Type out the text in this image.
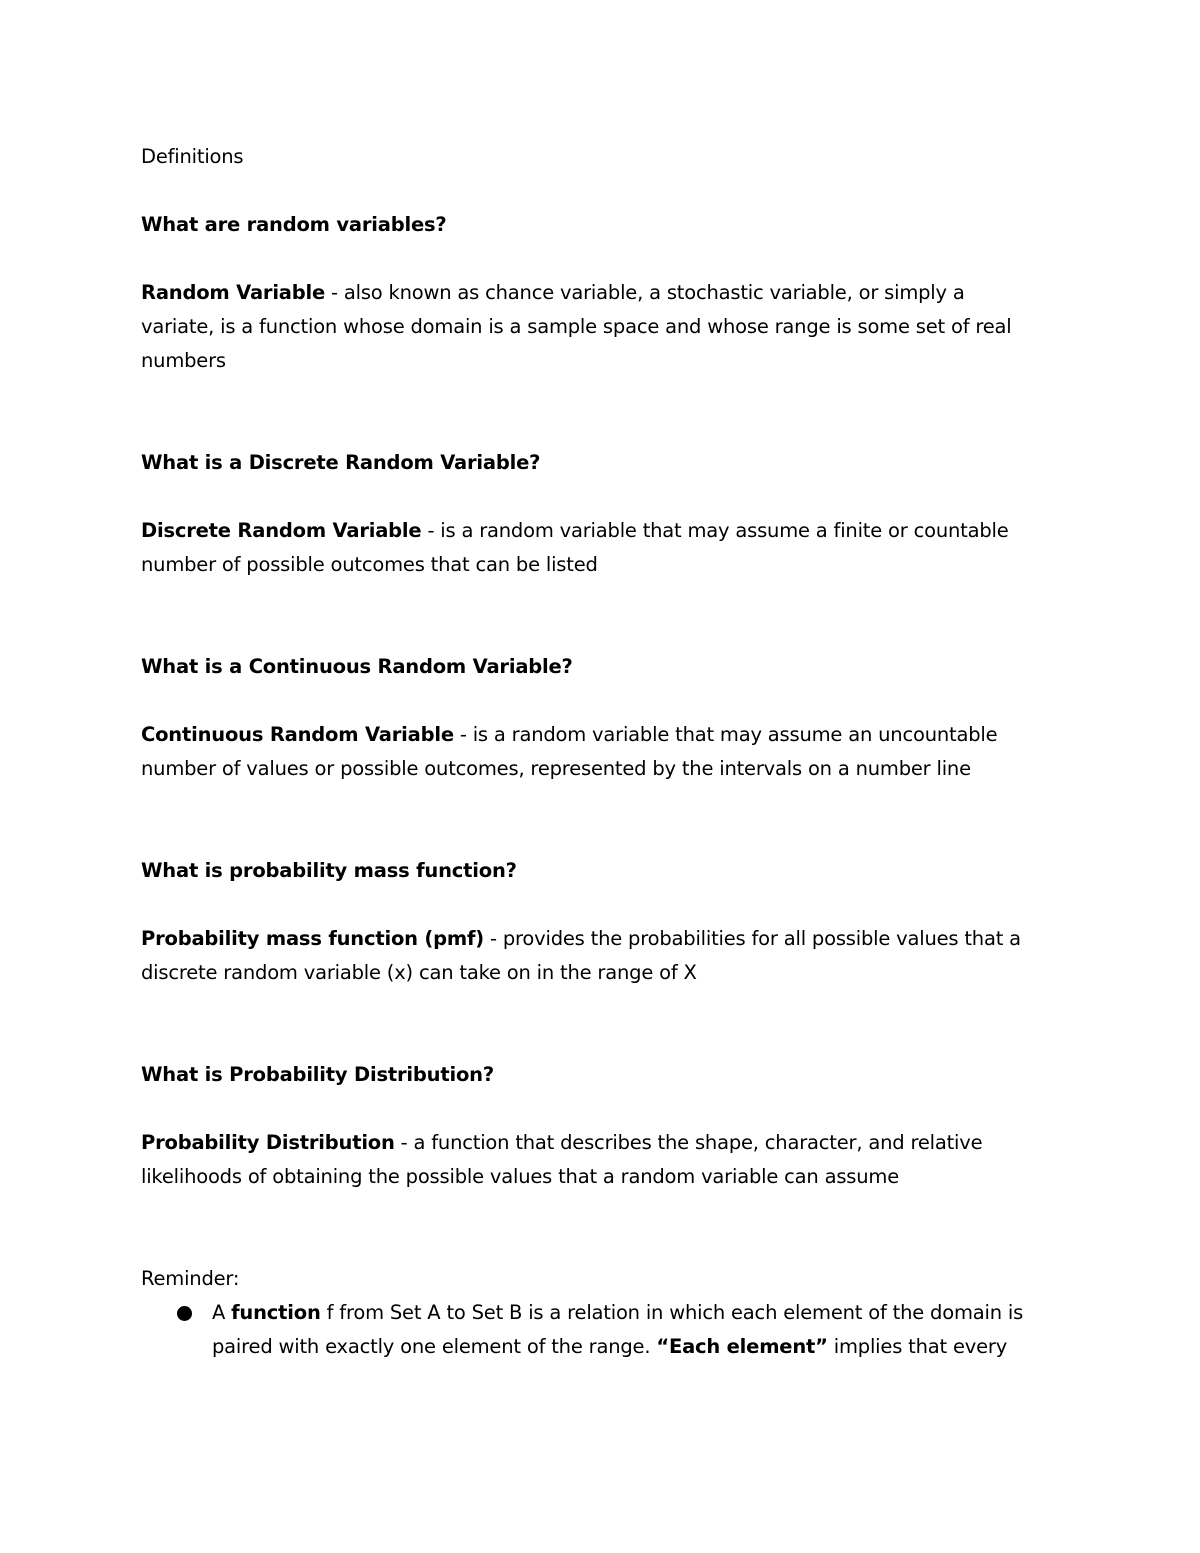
Definitions

What are random variables?

Random Variable - also known as chance variable, a stochastic variable, or simply a

variate, is a function whose domain is a sample space and whose range is some set of real

numbers

What is a Discrete Random Variable?

Discrete Random Variable - is a random variable that may assume a finite or countable

number of possible outcomes that can be listed

What is a Continuous Random Variable?

Continuous Random Variable - is a random variable that may assume an uncountable

number of values or possible outcomes, represented by the intervals on a number line

What is probability mass function?

Probability mass function (pmf) - provides the probabilities for all possible values that a

discrete random variable (x) can take on in the range of X

What is Probability Distribution?

Probability Distribution - a function that describes the shape, character, and relative

likelihoods of obtaining the possible values that a random variable can assume

Reminder:

A function f from Set A to Set B is a relation in which each element of the domain is

paired with exactly one element of the range. “Each element” implies that every
